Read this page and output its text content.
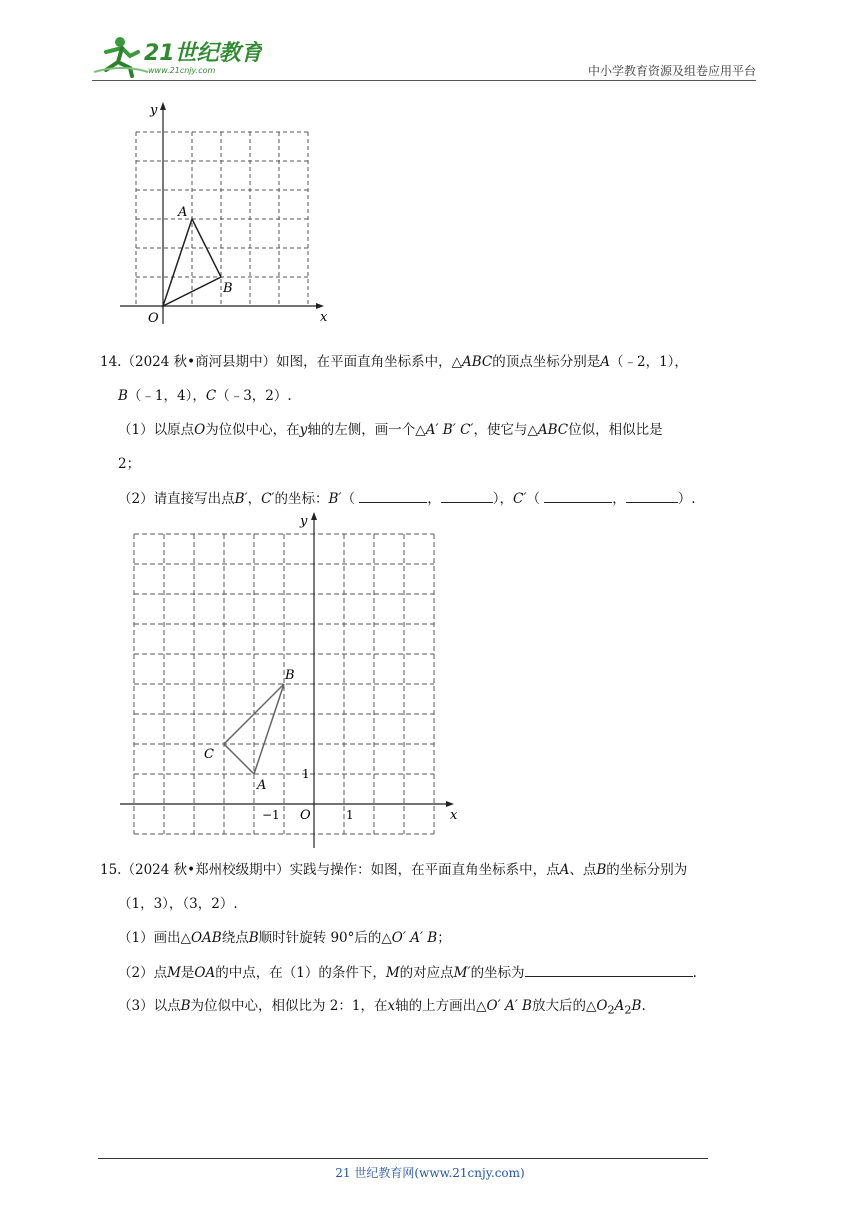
21世纪教育
www.21cnjy.com	中小学教育资源及组卷应用平台
y
x
O
A
B
14.（2024 秋•商河县期中）如图，在平面直角坐标系中，△ABC的顶点坐标分别是A（﹣2，1），
B（﹣1，4），C（﹣3，2）.
（1）以原点O为位似中心，在y轴的左侧，画一个△A′ B′ C′，使它与△ABC位似，相似比是
2；
（2）请直接写出点B′，C′的坐标：B′（	，	），C′（	，	）.
y
x
O
B
C
A
1
−1	1
15.（2024 秋•郑州校级期中）实践与操作：如图，在平面直角坐标系中，点A、点B的坐标分别为
（1，3），（3，2）.
（1）画出△OAB绕点B顺时针旋转 90°后的△O′ A′ B；
（2）点M是OA的中点，在（1）的条件下，M的对应点M′的坐标为	.
（3）以点B为位似中心，相似比为 2：1，在x轴的上方画出△O′ A′ B放大后的$\triangle O_2A_2B$.
21 世纪教育网(www.21cnjy.com)
